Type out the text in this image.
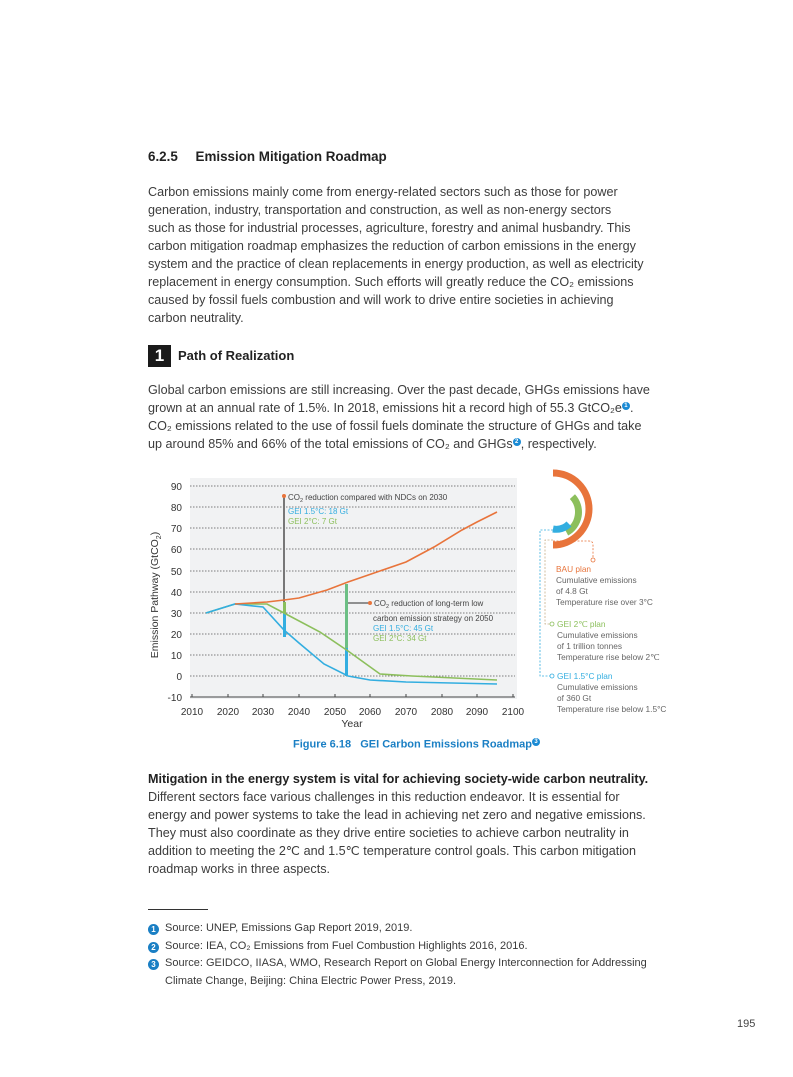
6.2.5 Emission Mitigation Roadmap
Carbon emissions mainly come from energy-related sectors such as those for power
generation, industry, transportation and construction, as well as non-energy sectors
such as those for industrial processes, agriculture, forestry and animal husbandry. This
carbon mitigation roadmap emphasizes the reduction of carbon emissions in the energy
system and the practice of clean replacements in energy production, as well as electricity
replacement in energy consumption. Such efforts will greatly reduce the CO₂ emissions
caused by fossil fuels combustion and will work to drive entire societies in achieving
carbon neutrality.
1	Path of Realization
Global carbon emissions are still increasing. Over the past decade, GHGs emissions have
grown at an annual rate of 1.5%. In 2018, emissions hit a record high of 55.3 GtCO₂e 1 .
CO₂ emissions related to the use of fossil fuels dominate the structure of GHGs and take
up around 85% and 66% of the total emissions of CO₂ and GHGs 2 , respectively.
90
80
70
60
50
40
30
20
10
0
-10
2010 2020 2030 2040 2050 2060 2070 2080 2090 2100
Year
Emission Pathway (GtCO$_2$)
$CO_2$ reduction compared with NDCs on 2030
GEI 1.5°C: 18 Gt
GEI 2°C: 7 Gt
$CO_2$ reduction of long-term low
carbon emission strategy on 2050
GEI 1.5°C: 45 Gt
GEI 2°C: 34 Gt
BAU plan
Cumulative emissions
of 4.8 Gt
Temperature rise over 3°C
GEI 2℃ plan
Cumulative emissions
of 1 trillion tonnes
Temperature rise below 2℃
GEI 1.5°C plan
Cumulative emissions
of 360 Gt
Temperature rise below 1.5°C
Figure 6.18   GEI Carbon Emissions Roadmap 3
Mitigation in the energy system is vital for achieving society-wide carbon neutrality.
Different sectors face various challenges in this reduction endeavor. It is essential for
energy and power systems to take the lead in achieving net zero and negative emissions.
They must also coordinate as they drive entire societies to achieve carbon neutrality in
addition to meeting the 2℃ and 1.5℃ temperature control goals. This carbon mitigation
roadmap works in three aspects.
1 Source: UNEP, Emissions Gap Report 2019, 2019.
2 Source: IEA, CO₂ Emissions from Fuel Combustion Highlights 2016, 2016.
3 Source: GEIDCO, IIASA, WMO, Research Report on Global Energy Interconnection for Addressing
Climate Change, Beijing: China Electric Power Press, 2019.
195
